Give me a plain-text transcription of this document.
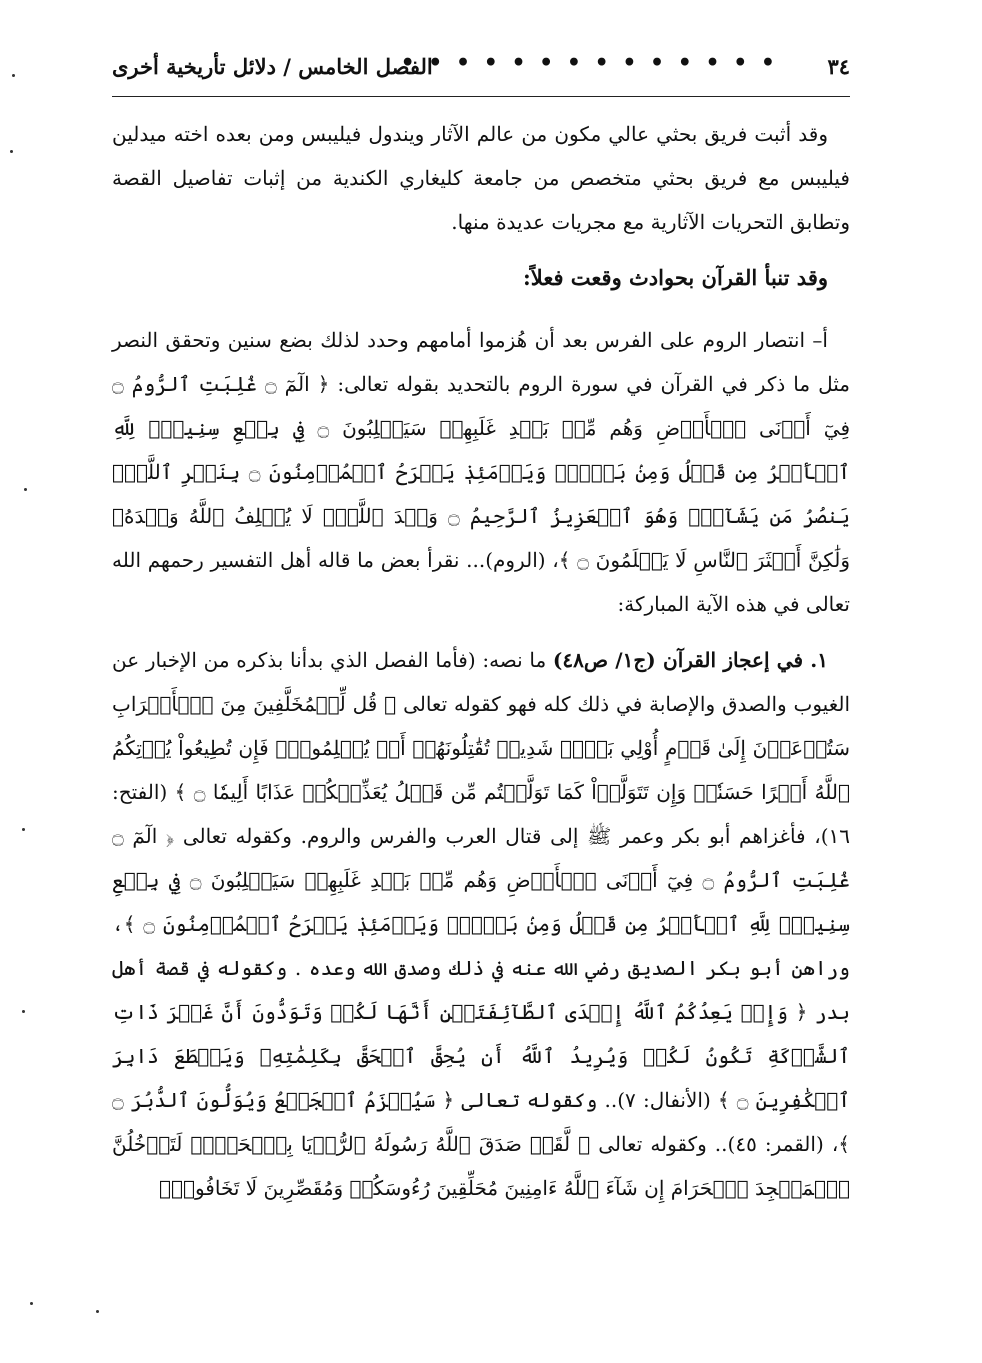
٣٤
• • • • • • • • • • • • • •
الفصل الخامس / دلائل تأريخية أخرى

وقد أثبت فريق بحثي عالي مكون من عالم الآثار ويندول فيليبس ومن بعده اخته ميدلين فيليبس مع فريق بحثي متخصص من جامعة كليغاري الكندية من إثبات تفاصيل القصة وتطابق التحريات الآثارية مع مجريات عديدة منها.

وقد تنبأ القرآن بحوادث وقعت فعلاً:

أ– انتصار الروم على الفرس بعد أن هُزموا أمامهم وحدد لذلك بضع سنين وتحقق النصر مثل ما ذكر في القرآن في سورة الروم بالتحديد بقوله تعالى: ﴿ الٓمٓ ۝ غُلِبَتِ ٱلرُّومُ ۝ فِيٓ أَدۡنَى ٱلۡأَرۡضِ وَهُم مِّنۢ بَعۡدِ غَلَبِهِمۡ سَيَغۡلِبُونَ ۝ فِي بِضۡعِ سِنِينَۗ لِلَّهِ ٱلۡأَمۡرُ مِن قَبۡلُ وَمِنۢ بَعۡدُۚ وَيَوۡمَئِذٖ يَفۡرَحُ ٱلۡمُؤۡمِنُونَ ۝ بِنَصۡرِ ٱللَّهِۚ يَنصُرُ مَن يَشَآءُۖ وَهُوَ ٱلۡعَزِيزُ ٱلرَّحِيمُ ۝ وَعۡدَ ٱللَّهِۖ لَا يُخۡلِفُ ٱللَّهُ وَعۡدَهُۥ وَلَٰكِنَّ أَكۡثَرَ ٱلنَّاسِ لَا يَعۡلَمُونَ ۝ ﴾، (الروم)... نقرأ بعض ما قاله أهل التفسير رحمهم الله تعالى في هذه الآية المباركة:

١. في إعجاز القرآن (ج١/ ص٤٨) ما نصه: (فأما الفصل الذي بدأنا بذكره من الإخبار عن الغيوب والصدق والإصابة في ذلك كله فهو كقوله تعالى ﴿ قُل لِّلۡمُخَلَّفِينَ مِنَ ٱلۡأَعۡرَابِ سَتُدۡعَوۡنَ إِلَىٰ قَوۡمٍ أُوْلِي بَأۡسٖ شَدِيدٖ تُقَٰتِلُونَهُمۡ أَوۡ يُسۡلِمُونَۖ فَإِن تُطِيعُواْ يُؤۡتِكُمُ ٱللَّهُ أَجۡرًا حَسَنٗاۖ وَإِن تَتَوَلَّوۡاْ كَمَا تَوَلَّيۡتُم مِّن قَبۡلُ يُعَذِّبۡكُمۡ عَذَابًا أَلِيمٗا ۝ ﴾ (الفتح: ١٦)، فأغزاهم أبو بكر وعمر ﷺ إلى قتال العرب والفرس والروم. وكقوله تعالى ﴿ الٓمٓ ۝ غُلِبَتِ ٱلرُّومُ ۝ فِيٓ أَدۡنَى ٱلۡأَرۡضِ وَهُم مِّنۢ بَعۡدِ غَلَبِهِمۡ سَيَغۡلِبُونَ ۝ فِي بِضۡعِ سِنِينَۗ لِلَّهِ ٱلۡأَمۡرُ مِن قَبۡلُ وَمِنۢ بَعۡدُۚ وَيَوۡمَئِذٖ يَفۡرَحُ ٱلۡمُؤۡمِنُونَ ۝ ﴾، وراهن أبو بكر الصديق رضي الله عنه في ذلك وصدق الله وعده . وكقوله في قصة أهل بدر ﴿ وَإِذۡ يَعِدُكُمُ ٱللَّهُ إِحۡدَى ٱلطَّآئِفَتَيۡنِ أَنَّهَا لَكُمۡ وَتَوَدُّونَ أَنَّ غَيۡرَ ذَاتِ ٱلشَّوۡكَةِ تَكُونُ لَكُمۡ وَيُرِيدُ ٱللَّهُ أَن يُحِقَّ ٱلۡحَقَّ بِكَلِمَٰتِهِۦ وَيَقۡطَعَ دَابِرَ ٱلۡكَٰفِرِينَ ۝ ﴾ (الأنفال: ٧).. وكقوله تعالى ﴿ سَيُهۡزَمُ ٱلۡجَمۡعُ وَيُوَلُّونَ ٱلدُّبُرَ ۝ ﴾، (القمر: ٤٥).. وكقوله تعالى ﴿ لَّقَدۡ صَدَقَ ٱللَّهُ رَسُولَهُ ٱلرُّءۡيَا بِٱلۡحَقِّۖ لَتَدۡخُلُنَّ ٱلۡمَسۡجِدَ ٱلۡحَرَامَ إِن شَآءَ ٱللَّهُ ءَامِنِينَ مُحَلِّقِينَ رُءُوسَكُمۡ وَمُقَصِّرِينَ لَا تَخَافُونَۖ
